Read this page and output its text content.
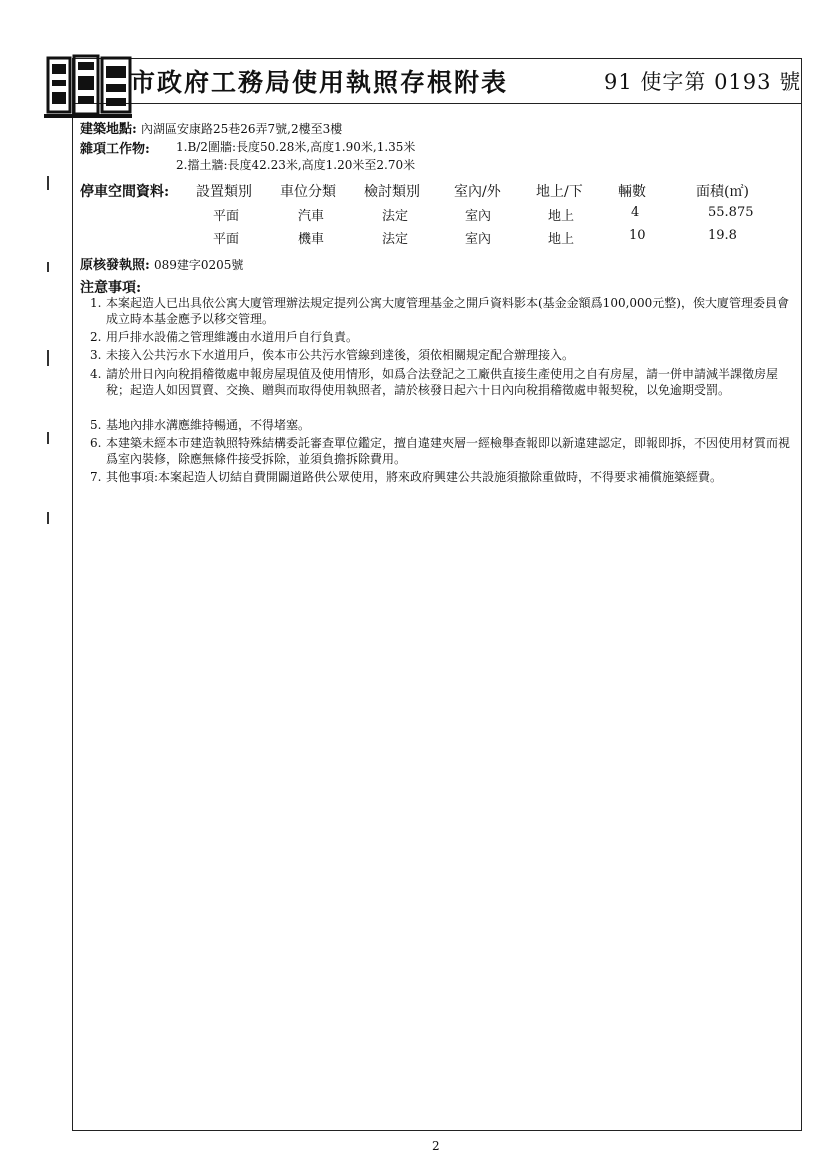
市政府工務局使用執照存根附表	91 使字第 0193 號
建築地點: 內湖區安康路25巷26弄7號,2樓至3樓
雜項工作物: 1.B/2圍牆:長度50.28米,高度1.90米,1.35米
2.擋土牆:長度42.23米,高度1.20米至2.70米
停車空間資料: 設置類別 車位分類 檢討類別 室內/外	地上/下	輛數	面積(㎡)
平面	汽車	法定	室內	地上	4	55.875
平面	機車	法定	室內	地上	10	19.8
原核發執照: 089建字0205號
注意事項:
1. 本案起造人已出具依公寓大廈管理辦法規定提列公寓大廈管理基金之開戶資料影本(基金金額爲100,000元整)，俟大廈管理委員會成立時本基金應予以移交管理。
2. 用戶排水設備之管理維護由水道用戶自行負責。
3. 未接入公共污水下水道用戶，俟本市公共污水管線到達後，須依相關規定配合辦理接入。
4. 請於卅日內向稅捐稽徵處申報房屋現值及使用情形，如爲合法登記之工廠供直接生產使用之自有房屋，請一併申請減半課徵房屋稅；起造人如因買賣、交換、贈與而取得使用執照者，請於核發日起六十日內向稅捐稽徵處申報契稅，以免逾期受罰。
5. 基地內排水溝應維持暢通，不得堵塞。
6. 本建築未經本市建造執照特殊結構委託審查單位鑑定，擅自違建夾層一經檢舉查報即以新違建認定，即報即拆，不因使用材質而視爲室內裝修，除應無條件接受拆除，並須負擔拆除費用。
7. 其他事項:本案起造人切結自費開闢道路供公眾使用，將來政府興建公共設施須撤除重做時，不得要求補償施築經費。
2
